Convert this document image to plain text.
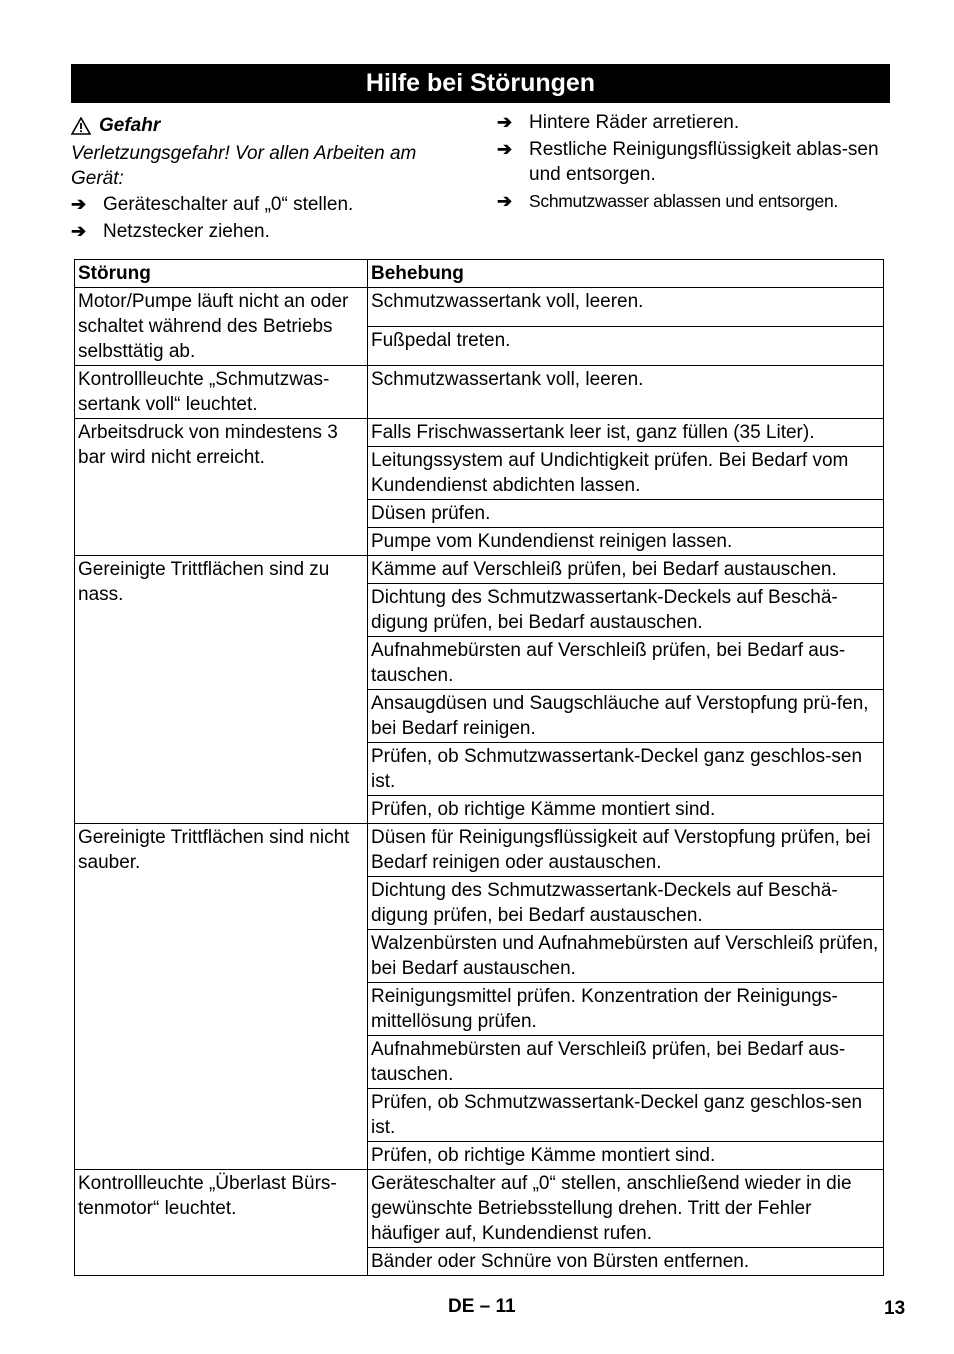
Hilfe bei Störungen
Gefahr
Verletzungsgefahr! Vor allen Arbeiten am Gerät:
➔ Geräteschalter auf „0“ stellen.
➔ Netzstecker ziehen.
➔ Hintere Räder arretieren.
➔ Restliche Reinigungsflüssigkeit ablas-sen und entsorgen.
➔ Schmutzwasser ablassen und entsorgen.
Störung	Behebung
Motor/Pumpe läuft nicht an oder schaltet während des Betriebs selbsttätig ab.	Schmutzwassertank voll, leeren.
	Fußpedal treten.
Kontrollleuchte „Schmutzwas-sertank voll“ leuchtet.	Schmutzwassertank voll, leeren.
Arbeitsdruck von mindestens 3 bar wird nicht erreicht.	Falls Frischwassertank leer ist, ganz füllen (35 Liter).
	Leitungssystem auf Undichtigkeit prüfen. Bei Bedarf vom Kundendienst abdichten lassen.
	Düsen prüfen.
	Pumpe vom Kundendienst reinigen lassen.
Gereinigte Trittflächen sind zu nass.	Kämme auf Verschleiß prüfen, bei Bedarf austauschen.
	Dichtung des Schmutzwassertank-Deckels auf Beschä-digung prüfen, bei Bedarf austauschen.
	Aufnahmebürsten auf Verschleiß prüfen, bei Bedarf aus-tauschen.
	Ansaugdüsen und Saugschläuche auf Verstopfung prü-fen, bei Bedarf reinigen.
	Prüfen, ob Schmutzwassertank-Deckel ganz geschlos-sen ist.
	Prüfen, ob richtige Kämme montiert sind.
Gereinigte Trittflächen sind nicht sauber.	Düsen für Reinigungsflüssigkeit auf Verstopfung prüfen, bei Bedarf reinigen oder austauschen.
	Dichtung des Schmutzwassertank-Deckels auf Beschä-digung prüfen, bei Bedarf austauschen.
	Walzenbürsten und Aufnahmebürsten auf Verschleiß prüfen, bei Bedarf austauschen.
	Reinigungsmittel prüfen. Konzentration der Reinigungs-mittellösung prüfen.
	Aufnahmebürsten auf Verschleiß prüfen, bei Bedarf aus-tauschen.
	Prüfen, ob Schmutzwassertank-Deckel ganz geschlos-sen ist.
	Prüfen, ob richtige Kämme montiert sind.
Kontrollleuchte „Überlast Bürs-tenmotor“ leuchtet.	Geräteschalter auf „0“ stellen, anschließend wieder in die gewünschte Betriebsstellung drehen. Tritt der Fehler häufiger auf, Kundendienst rufen.
	Bänder oder Schnüre von Bürsten entfernen.
DE – 11	13
